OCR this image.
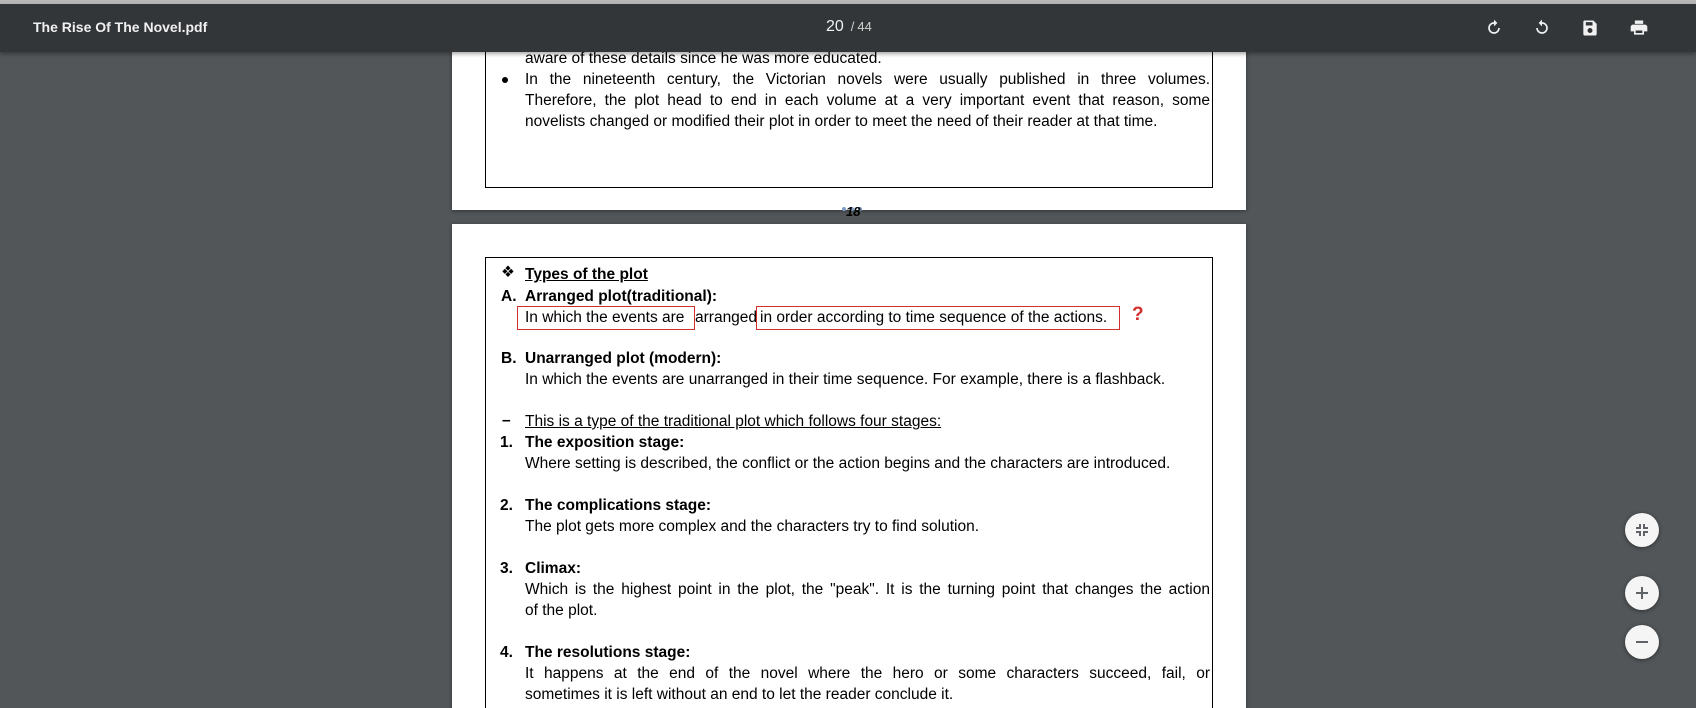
The Rise Of The Novel.pdf	20 / 44
aware of these details since he was more educated.
In the nineteenth century, the Victorian novels were usually published in three volumes.
Therefore, the plot head to end in each volume at a very important event that reason, some
novelists changed or modified their plot in order to meet the need of their reader at that time.
18
❖ Types of the plot
A. Arranged plot(traditional):
In which the events are arranged in order according to time sequence of the actions. ?
B. Unarranged plot (modern):
In which the events are unarranged in their time sequence. For example, there is a flashback.
– This is a type of the traditional plot which follows four stages:
1. The exposition stage:
Where setting is described, the conflict or the action begins and the characters are introduced.
2. The complications stage:
The plot gets more complex and the characters try to find solution.
3. Climax:
Which is the highest point in the plot, the "peak". It is the turning point that changes the action
of the plot.
4. The resolutions stage:
It happens at the end of the novel where the hero or some characters succeed, fail, or
sometimes it is left without an end to let the reader conclude it.
